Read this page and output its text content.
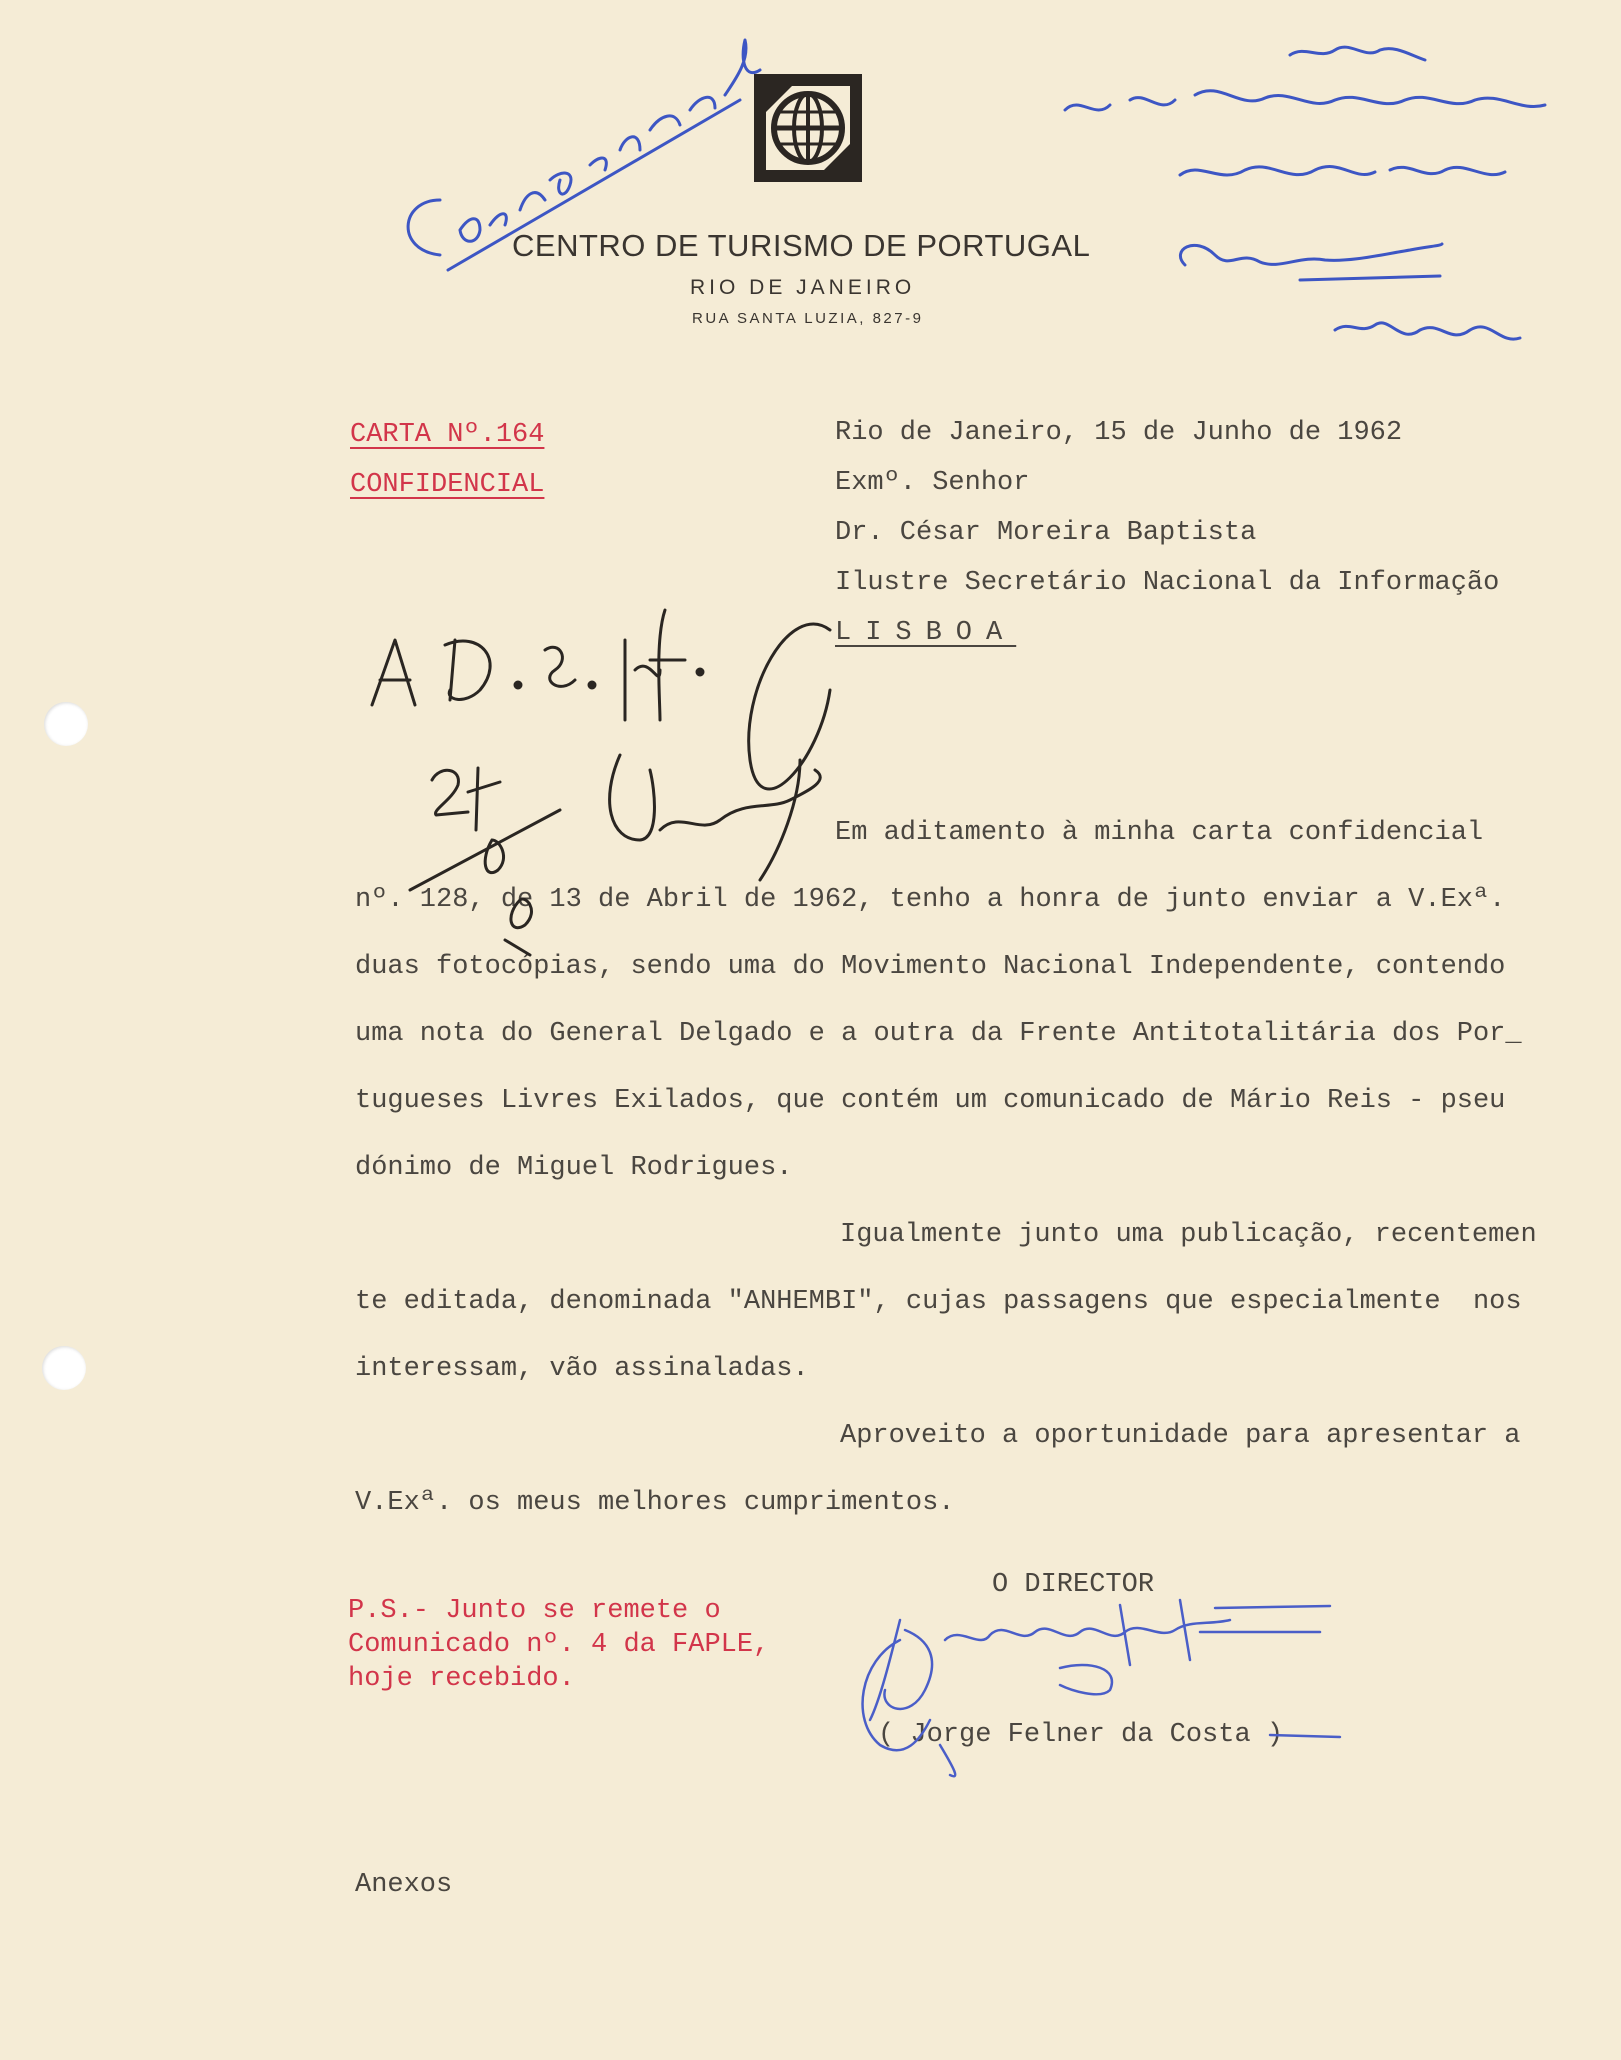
CENTRO DE TURISMO DE PORTUGAL
RIO DE JANEIRO
RUA SANTA LUZIA, 827-9
CARTA Nº.164
CONFIDENCIAL
Rio de Janeiro, 15 de Junho de 1962
Exmº. Senhor
Dr. César Moreira Baptista
Ilustre Secretário Nacional da Informação
LISBOA
Em aditamento à minha carta confidencial
nº. 128, de 13 de Abril de 1962, tenho a honra de junto enviar a V.Exª.
duas fotocópias, sendo uma do Movimento Nacional Independente, contendo
uma nota do General Delgado e a outra da Frente Antitotalitária dos Por_
tugueses Livres Exilados, que contém um comunicado de Mário Reis - pseu
dónimo de Miguel Rodrigues.
Igualmente junto uma publicação, recentemen
te editada, denominada "ANHEMBI", cujas passagens que especialmente  nos
interessam, vão assinaladas.
Aproveito a oportunidade para apresentar a
V.Exª. os meus melhores cumprimentos.
O DIRECTOR
( Jorge Felner da Costa )
P.S.- Junto se remete o
Comunicado nº. 4 da FAPLE,
hoje recebido.
Anexos
